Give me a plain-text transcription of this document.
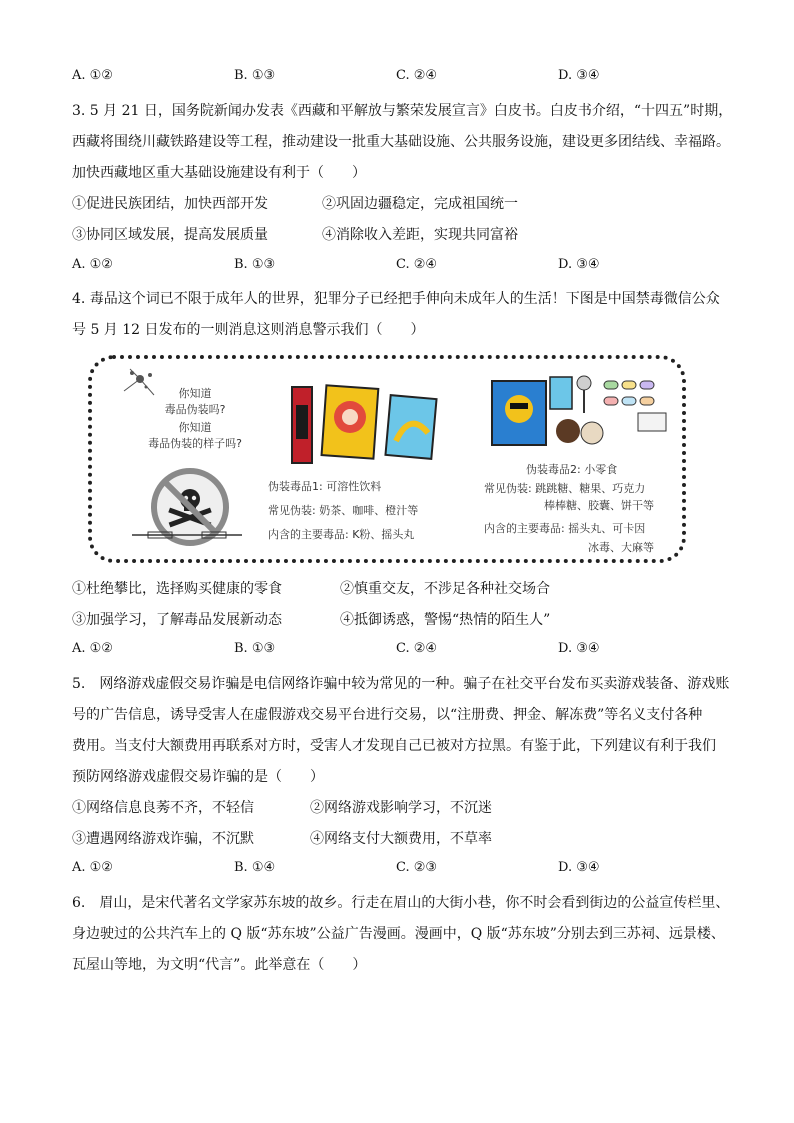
A. ①②	B. ①③	C. ②④	D. ③④
3. 5 月 21 日，国务院新闻办发表《西藏和平解放与繁荣发展宣言》白皮书。白皮书介绍，“十四五”时期，
西藏将围绕川藏铁路建设等工程，推动建设一批重大基础设施、公共服务设施，建设更多团结线、幸福路。
加快西藏地区重大基础设施建设有利于（　　）
①促进民族团结，加快西部开发	②巩固边疆稳定，完成祖国统一
③协同区域发展，提高发展质量	④消除收入差距，实现共同富裕
A. ①②	B. ①③	C. ②④	D. ③④
4. 毒品这个词已不限于成年人的世界，犯罪分子已经把手伸向未成年人的生活！下图是中国禁毒微信公众
号 5 月 12 日发布的一则消息这则消息警示我们（　　）
你知道
毒品伪装吗?
你知道
毒品伪装的样子吗?
伪装毒品1: 可溶性饮料
常见伪装: 奶茶、咖啡、橙汁等
内含的主要毒品: K粉、摇头丸
伪装毒品2: 小零食
常见伪装: 跳跳糖、糖果、巧克力
棒棒糖、胶囊、饼干等
内含的主要毒品: 摇头丸、可卡因
冰毒、大麻等
①杜绝攀比，选择购买健康的零食	②慎重交友，不涉足各种社交场合
③加强学习，了解毒品发展新动态	④抵御诱惑，警惕“热情的陌生人”
A. ①②	B. ①③	C. ②④	D. ③④
5.　网络游戏虚假交易诈骗是电信网络诈骗中较为常见的一种。骗子在社交平台发布买卖游戏装备、游戏账
号的广告信息，诱导受害人在虚假游戏交易平台进行交易，以“注册费、押金、解冻费”等名义支付各种
费用。当支付大额费用再联系对方时，受害人才发现自己已被对方拉黑。有鉴于此，下列建议有利于我们
预防网络游戏虚假交易诈骗的是（　　）
①网络信息良莠不齐，不轻信	②网络游戏影响学习，不沉迷
③遭遇网络游戏诈骗，不沉默	④网络支付大额费用，不草率
A. ①②	B. ①④	C. ②③	D. ③④
6.　眉山，是宋代著名文学家苏东坡的故乡。行走在眉山的大街小巷，你不时会看到街边的公益宣传栏里、
身边驶过的公共汽车上的 Q 版“苏东坡”公益广告漫画。漫画中，Q 版“苏东坡”分别去到三苏祠、远景楼、
瓦屋山等地，为文明“代言”。此举意在（　　）
